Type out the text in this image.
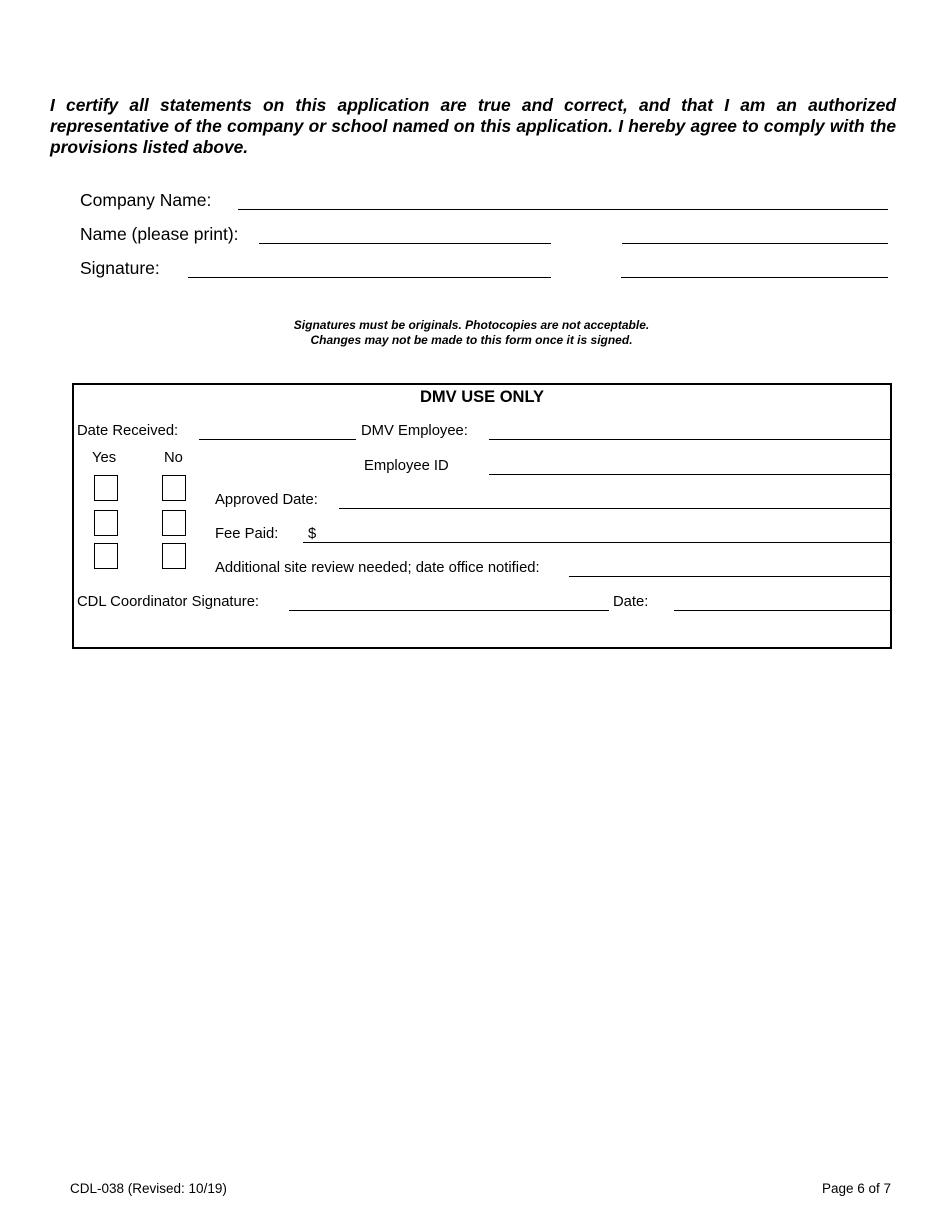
I certify all statements on this application are true and correct, and that I am an authorized representative of the company or school named on this application. I hereby agree to comply with the provisions listed above.
Company Name:
Name (please print):
Signature:
Signatures must be originals. Photocopies are not acceptable.
Changes may not be made to this form once it is signed.
DMV USE ONLY
Date Received:	DMV Employee:
Yes	No	Employee ID
Approved Date:
Fee Paid: $
Additional site review needed; date office notified:
CDL Coordinator Signature:	Date:
CDL-038 (Revised: 10/19)	Page 6 of 7
